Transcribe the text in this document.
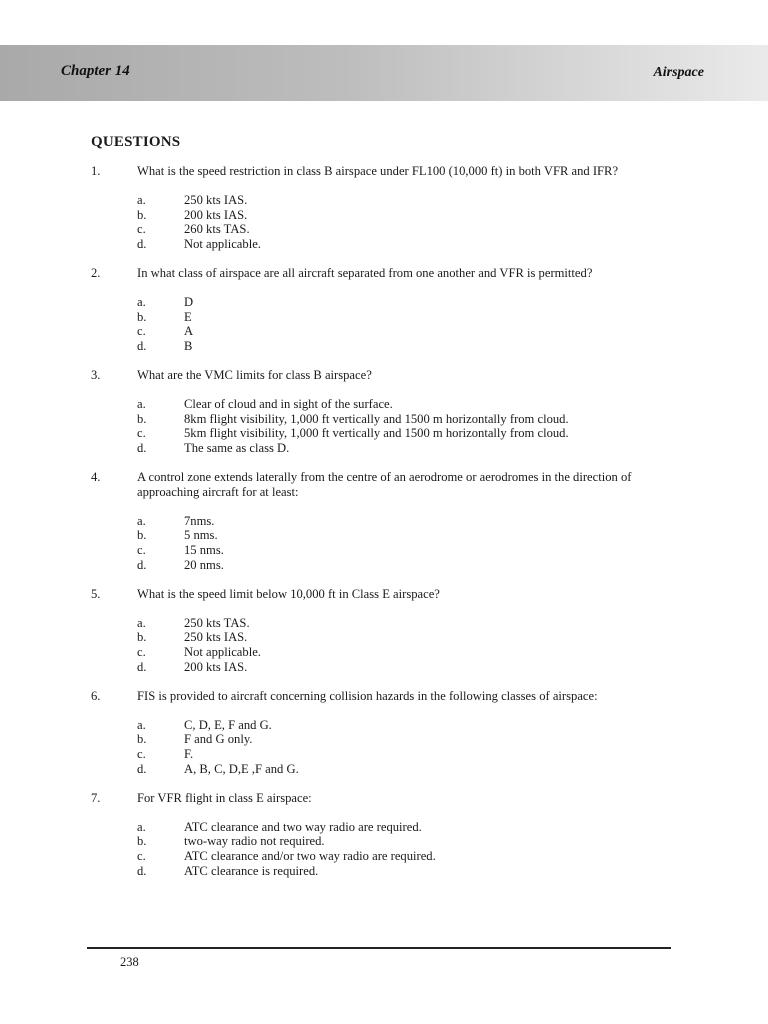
Chapter 14	Airspace
QUESTIONS
1.	What is the speed restriction in class B airspace under FL100 (10,000 ft) in both VFR and IFR?
a.	250 kts IAS.
b.	200 kts IAS.
c.	260 kts TAS.
d.	Not applicable.
2.	In what class of airspace are all aircraft separated from one another and VFR is permitted?
a.	D
b.	E
c.	A
d.	B
3.	What are the VMC limits for class B airspace?
a.	Clear of cloud and in sight of the surface.
b.	8km flight visibility, 1,000 ft vertically and 1500 m horizontally from cloud.
c.	5km flight visibility, 1,000 ft vertically and 1500 m horizontally from cloud.
d.	The same as class D.
4.	A control zone extends laterally from the centre of an aerodrome or aerodromes in the direction of approaching aircraft for at least:
a.	7nms.
b.	5 nms.
c.	15 nms.
d.	20 nms.
5.	What is the speed limit below 10,000 ft in Class E airspace?
a.	250 kts TAS.
b.	250 kts IAS.
c.	Not applicable.
d.	200 kts IAS.
6.	FIS is provided to aircraft concerning collision hazards in the following classes of airspace:
a.	C, D, E, F and G.
b.	F and G only.
c.	F.
d.	A, B, C, D,E ,F and G.
7.	For VFR flight in class E airspace:
a.	ATC clearance and two way radio are required.
b.	two-way radio not required.
c.	ATC clearance and/or two way radio are required.
d.	ATC clearance is required.
238
